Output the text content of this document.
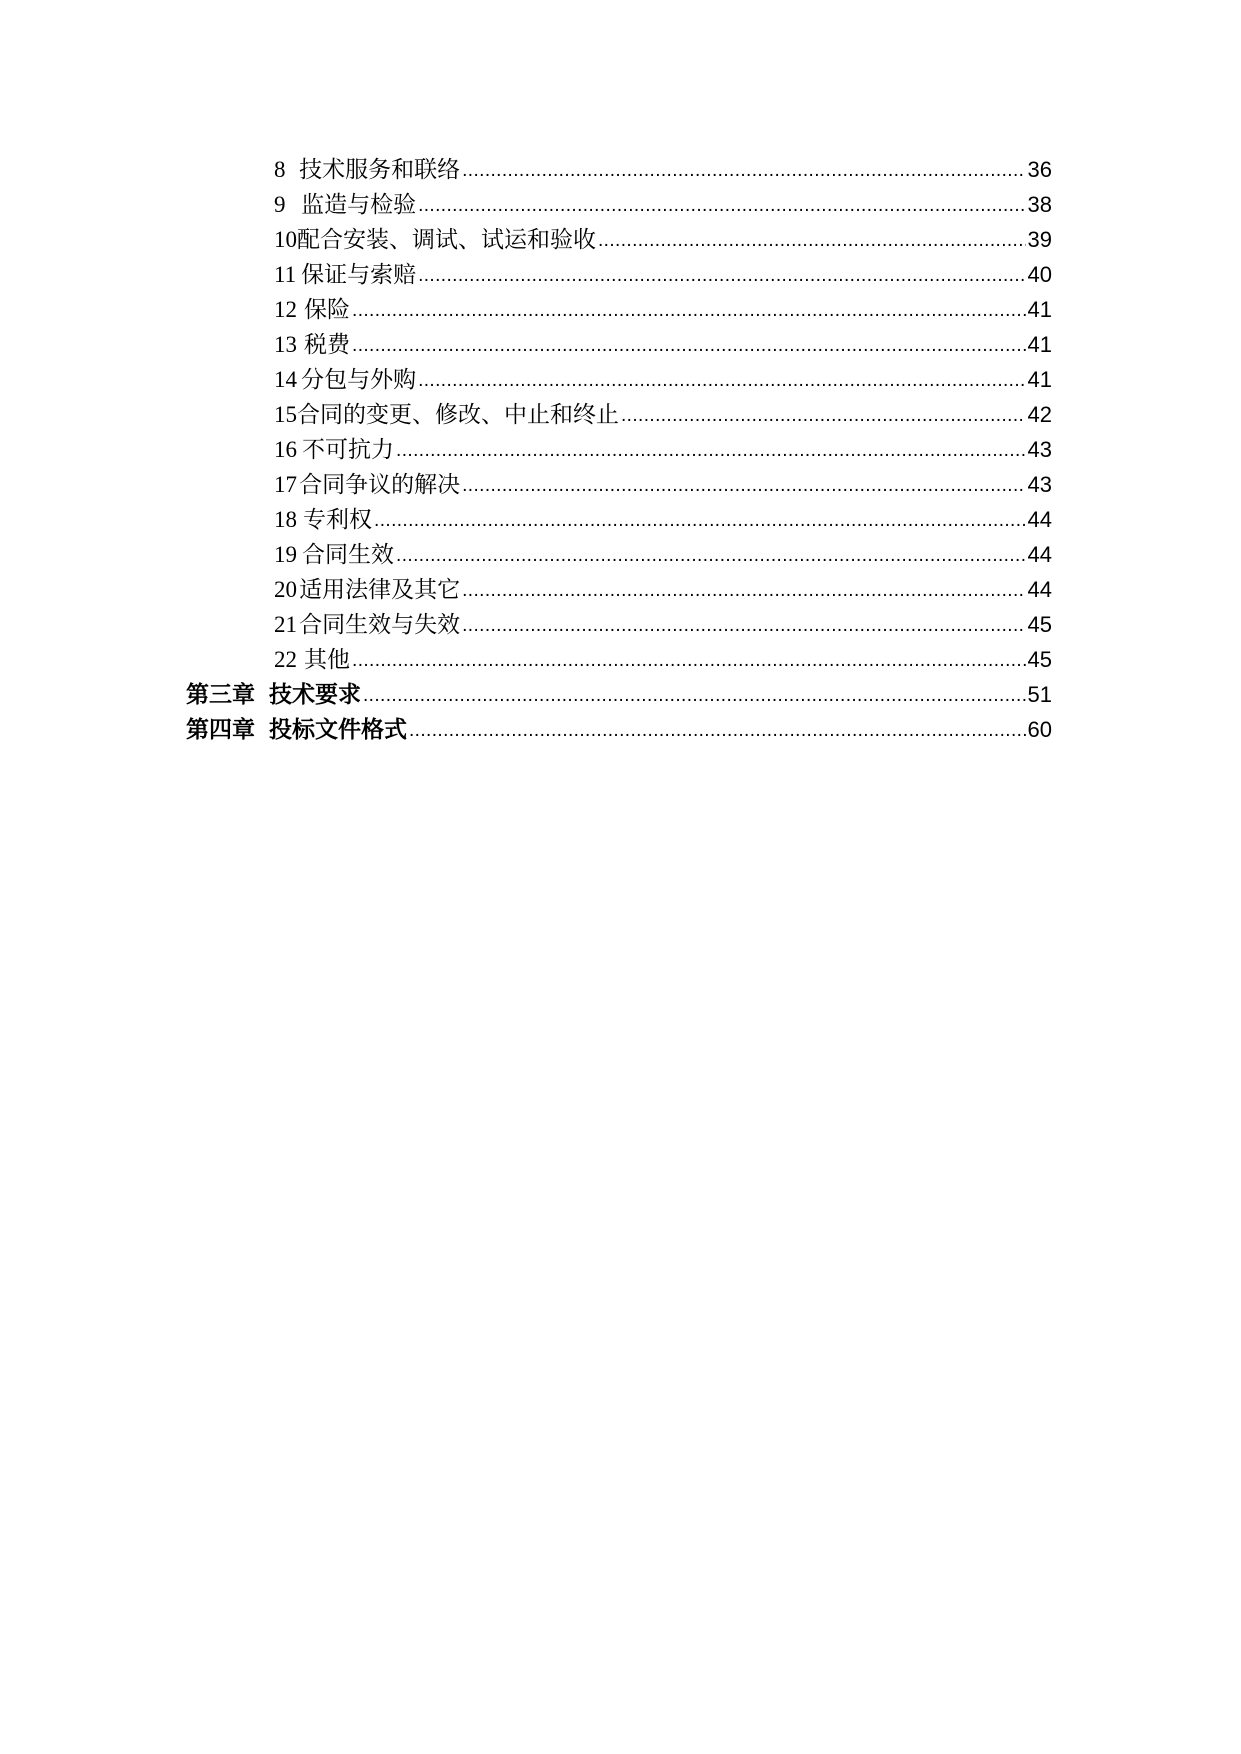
8 技术服务和联络 .....	36
9 监造与检验 .....	38
10 配合安装、调试、试运和验收 .....	39
11 保证与索赔 .....	40
12 保险 .....	41
13 税费 .....	41
14 分包与外购 .....	41
15 合同的变更、修改、中止和终止 .....	42
16 不可抗力 .....	43
17 合同争议的解决 .....	43
18 专利权 .....	44
19 合同生效 .....	44
20 适用法律及其它 .....	44
21 合同生效与失效 .....	45
22 其他 .....	45
第三章 技术要求 .....	51
第四章 投标文件格式 .....	60
